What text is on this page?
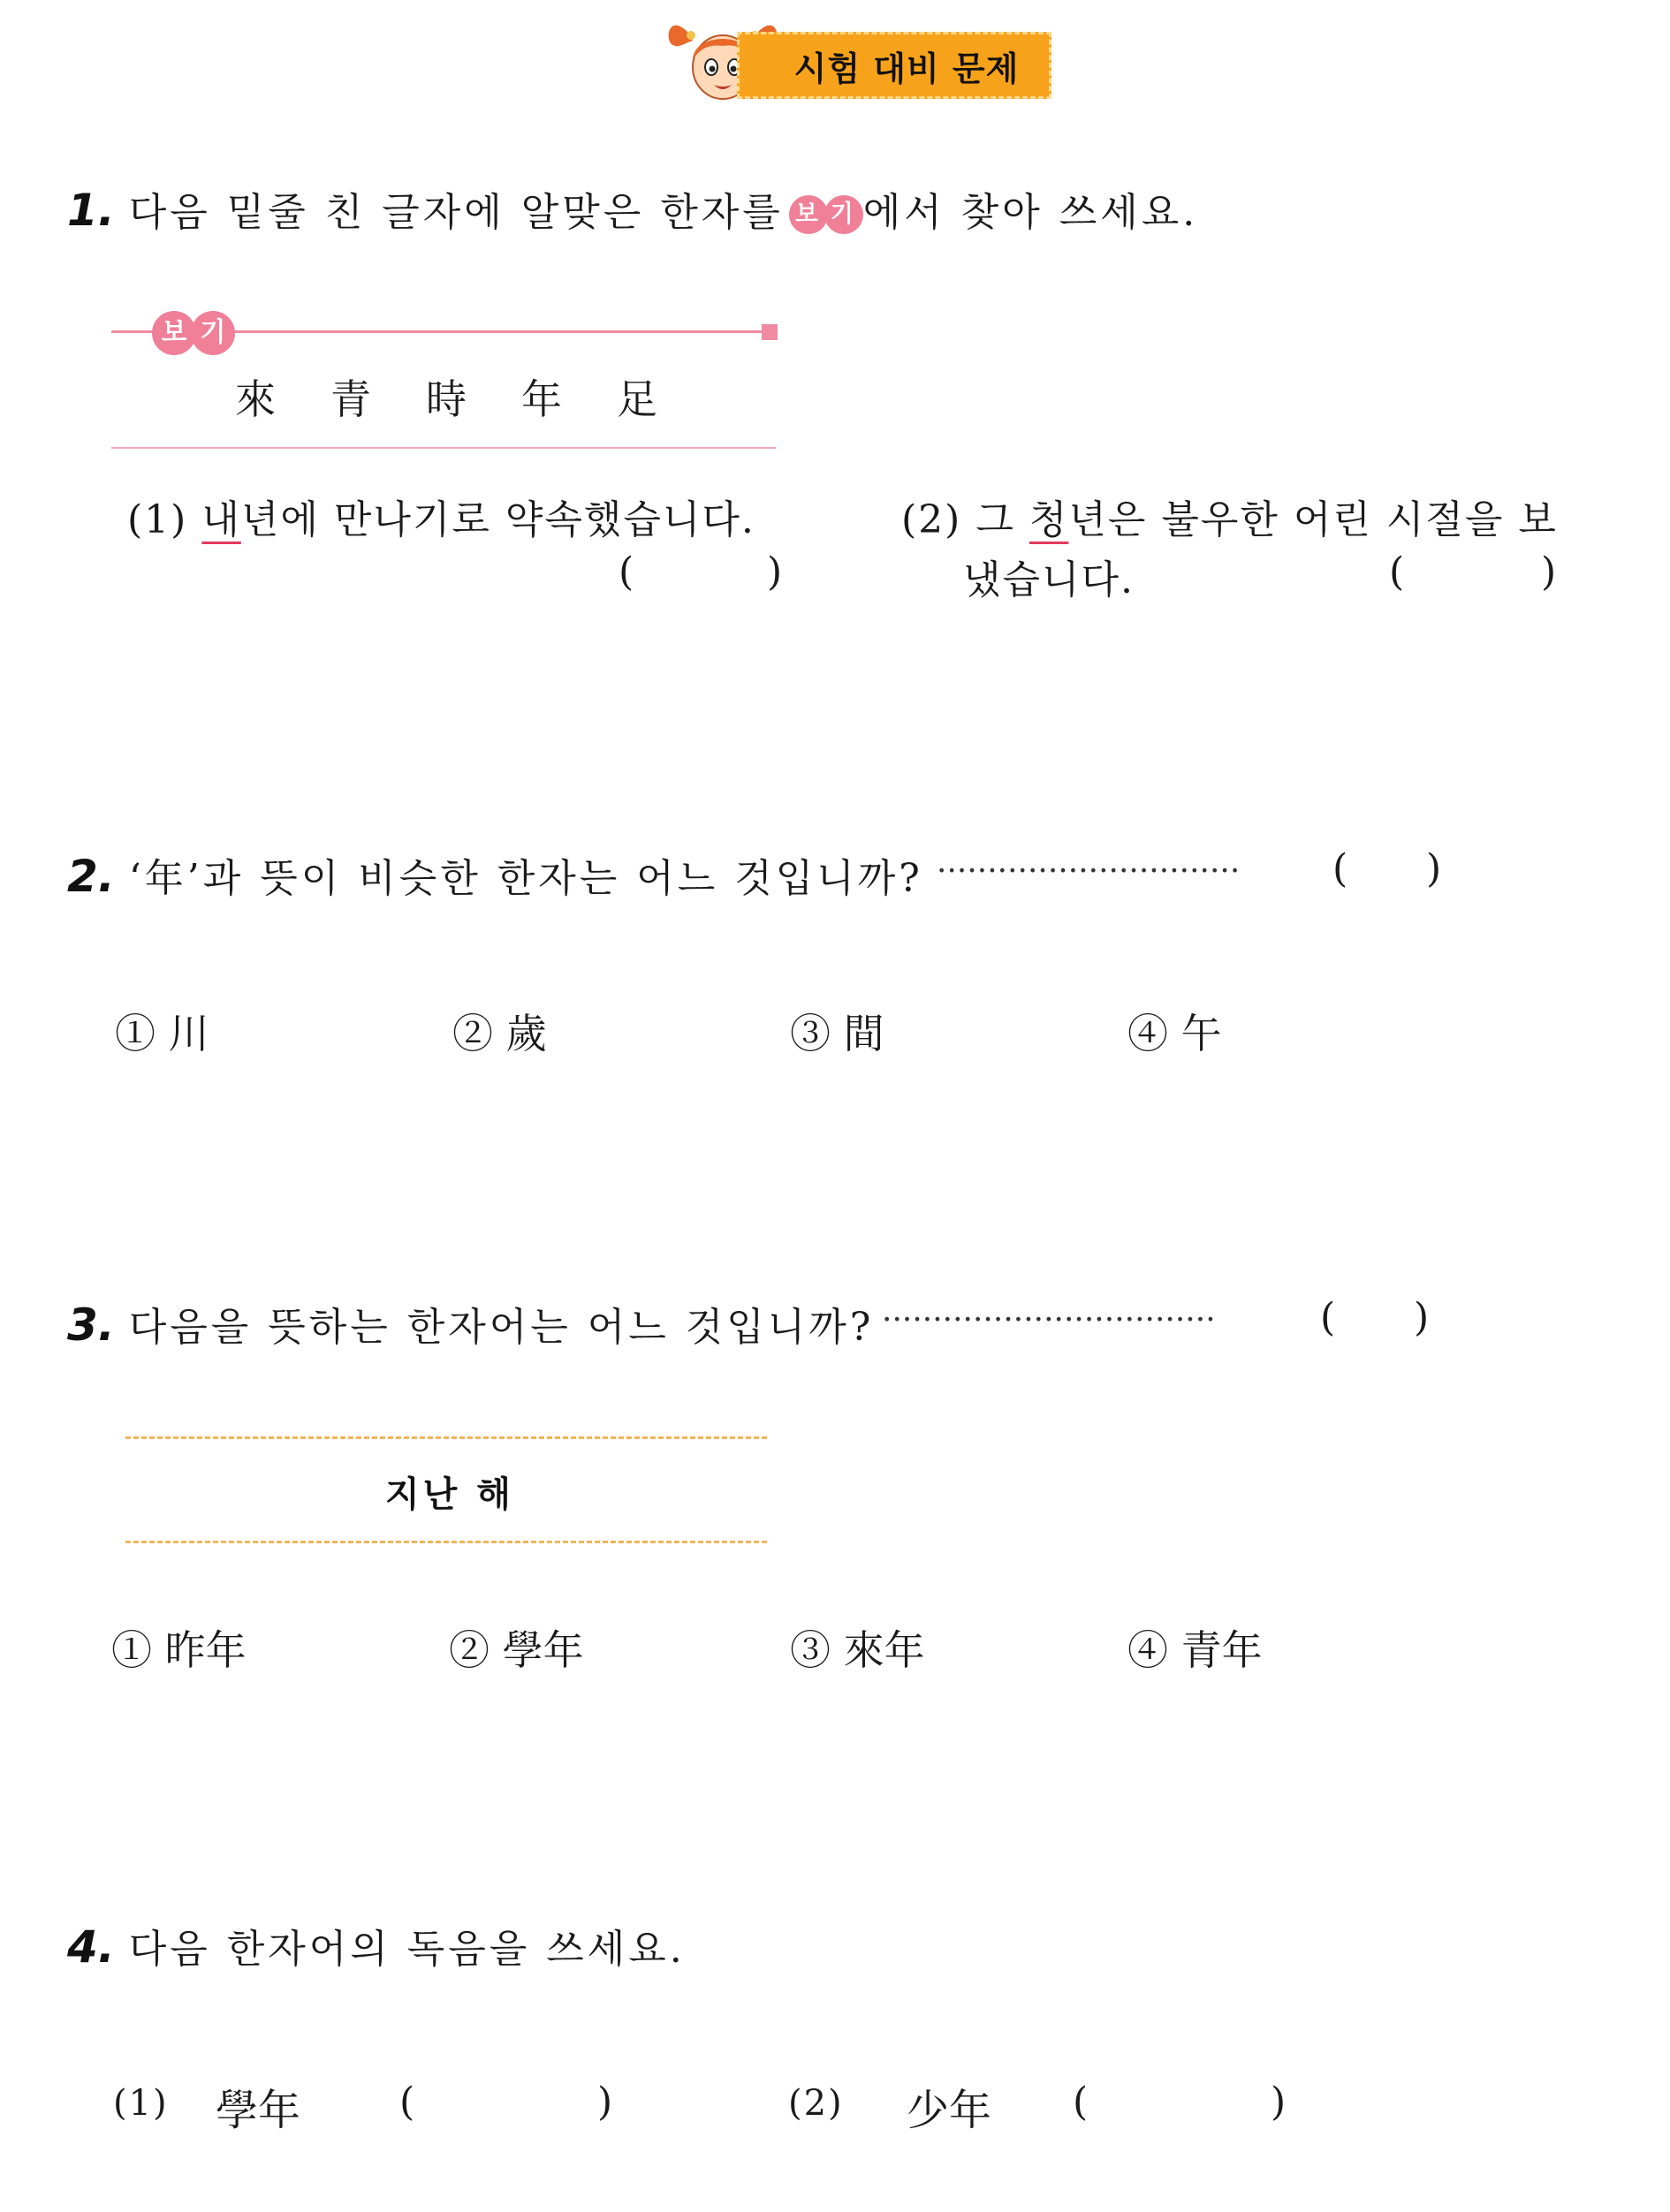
시험 대비 문제
1. 다음 밑줄 친 글자에 알맞은 한자를 보 기 에서 찾아 쓰세요.
보 기
來 青 時 年 足
(1) 내년에 만나기로 약속했습니다.
(	)
(2) 그 청년은 불우한 어린 시절을 보
냈습니다.	(	)
2. ‘年’과 뜻이 비슷한 한자는 어느 것입니까? ······························ ( )
① 川	② 歲	③ 間	④ 午
3. 다음을 뜻하는 한자어는 어느 것입니까? ·································	( )
지난 해
① 昨年	② 學年	③ 來年	④ 青年
4. 다음 한자어의 독음을 쓰세요.
(1) 學年	(	)	(2) 少年 (	)
